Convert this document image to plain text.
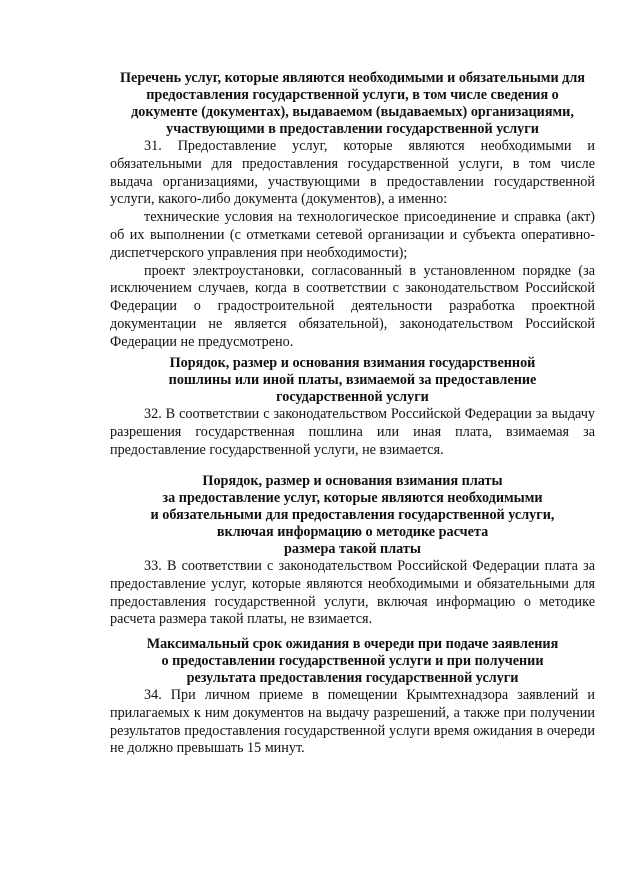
Перечень услуг, которые являются необходимыми и обязательными для
предоставления государственной услуги, в том числе сведения о
документе (документах), выдаваемом (выдаваемых) организациями,
участвующими в предоставлении государственной услуги

31. Предоставление услуг, которые являются необходимыми и обязательными для предоставления государственной услуги, в том числе выдача организациями, участвующими в предоставлении государственной услуги, какого-либо документа (документов), а именно:

технические условия на технологическое присоединение и справка (акт) об их выполнении (с отметками сетевой организации и субъекта оперативно-диспетчерского управления при необходимости);

проект электроустановки, согласованный в установленном порядке (за исключением случаев, когда в соответствии с законодательством Российской Федерации о градостроительной деятельности разработка проектной документации не является обязательной), законодательством Российской Федерации не предусмотрено.

Порядок, размер и основания взимания государственной
пошлины или иной платы, взимаемой за предоставление
государственной услуги

32. В соответствии с законодательством Российской Федерации за выдачу разрешения государственная пошлина или иная плата, взимаемая за предоставление государственной услуги, не взимается.

Порядок, размер и основания взимания платы
за предоставление услуг, которые являются необходимыми
и обязательными для предоставления государственной услуги,
включая информацию о методике расчета
размера такой платы

33. В соответствии с законодательством Российской Федерации плата за предоставление услуг, которые являются необходимыми и обязательными для предоставления государственной услуги, включая информацию о методике расчета размера такой платы, не взимается.

Максимальный срок ожидания в очереди при подаче заявления
о предоставлении государственной услуги и при получении
результата предоставления государственной услуги

34. При личном приеме в помещении Крымтехнадзора заявлений и прилагаемых к ним документов на выдачу разрешений, а также при получении результатов предоставления государственной услуги время ожидания в очереди не должно превышать 15 минут.
